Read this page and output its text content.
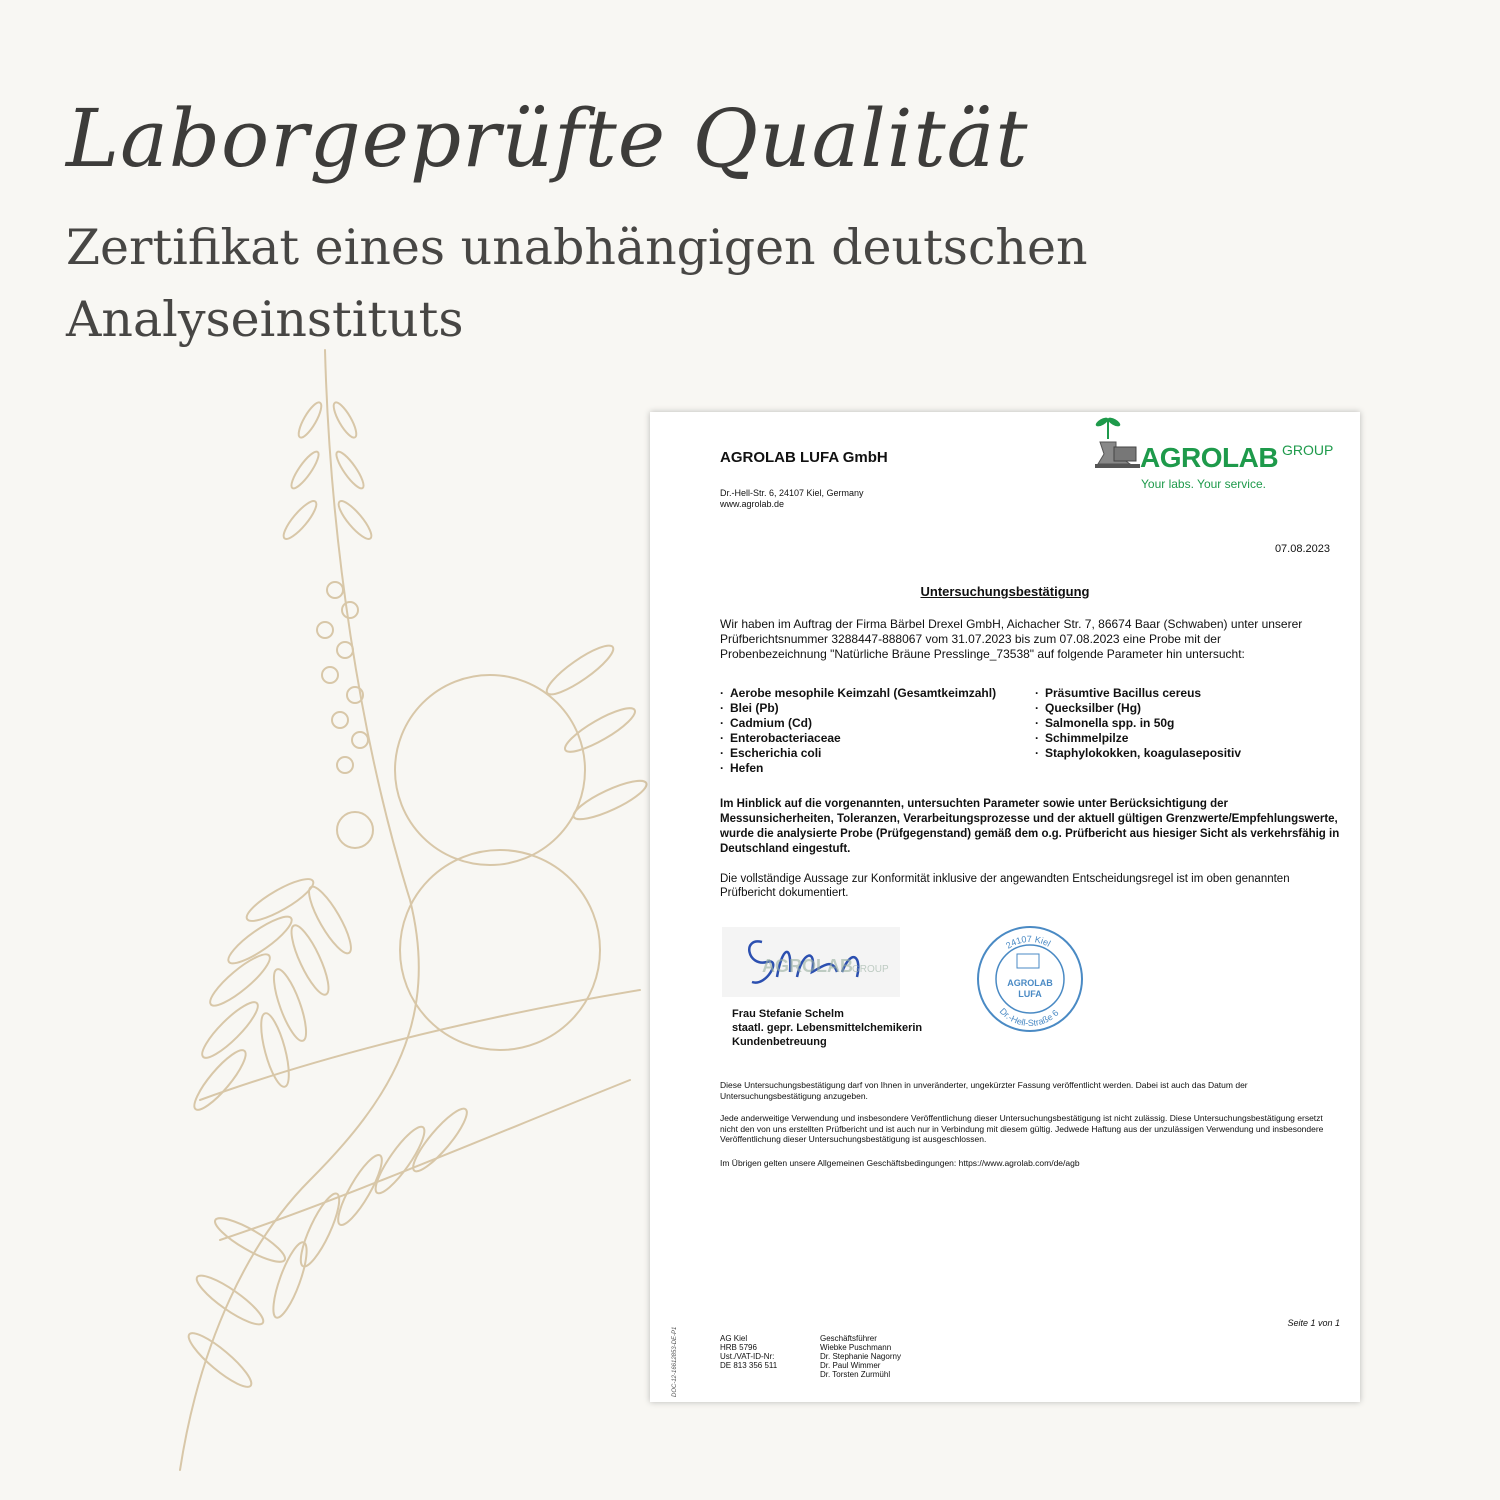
Laborgeprüfte Qualität
Zertifikat eines unabhängigen deutschen Analyseinstituts
AGROLAB LUFA GmbH
Dr.-Hell-Str. 6, 24107 Kiel, Germany
www.agrolab.de
AGROLAB GROUP
Your labs. Your service.
07.08.2023
Untersuchungsbestätigung

Wir haben im Auftrag der Firma Bärbel Drexel GmbH, Aichacher Str. 7, 86674 Baar (Schwaben) unter unserer Prüfberichtsnummer 3288447-888067 vom 31.07.2023 bis zum 07.08.2023 eine Probe mit der Probenbezeichnung "Natürliche Bräune Presslinge_73538" auf folgende Parameter hin untersucht:

· Aerobe mesophile Keimzahl (Gesamtkeimzahl)
· Blei (Pb)
· Cadmium (Cd)
· Enterobacteriaceae
· Escherichia coli
· Hefen
· Präsumtive Bacillus cereus
· Quecksilber (Hg)
· Salmonella spp. in 50g
· Schimmelpilze
· Staphylokokken, koagulasepositiv

Im Hinblick auf die vorgenannten, untersuchten Parameter sowie unter Berücksichtigung der Messunsicherheiten, Toleranzen, Verarbeitungsprozesse und der aktuell gültigen Grenzwerte/Empfehlungswerte, wurde die analysierte Probe (Prüfgegenstand) gemäß dem o.g. Prüfbericht aus hiesiger Sicht als verkehrsfähig in Deutschland eingestuft.

Die vollständige Aussage zur Konformität inklusive der angewandten Entscheidungsregel ist im oben genannten Prüfbericht dokumentiert.

AGROLAB GROUP
Frau Stefanie Schelm
staatl. gepr. Lebensmittelchemikerin
Kundenbetreuung
24107 Kiel
Dr.-Hell-Straße 6
AGROLAB
LUFA

Diese Untersuchungsbestätigung darf von Ihnen in unveränderter, ungekürzter Fassung veröffentlicht werden. Dabei ist auch das Datum der Untersuchungsbestätigung anzugeben.

Jede anderweitige Verwendung und insbesondere Veröffentlichung dieser Untersuchungsbestätigung ist nicht zulässig. Diese Untersuchungsbestätigung ersetzt nicht den von uns erstellten Prüfbericht und ist auch nur in Verbindung mit diesem gültig. Jedwede Haftung aus der unzulässigen Verwendung und insbesondere Veröffentlichung dieser Untersuchungsbestätigung ist ausgeschlossen.

Im Übrigen gelten unsere Allgemeinen Geschäftsbedingungen: https://www.agrolab.com/de/agb

Seite 1 von 1
AG Kiel
HRB 5796
Ust./VAT-ID-Nr:
DE 813 356 511
Geschäftsführer
Wiebke Puschmann
Dr. Stephanie Nagorny
Dr. Paul Wimmer
Dr. Torsten Zurmühl
DOC-12-16612853-DE-P1
